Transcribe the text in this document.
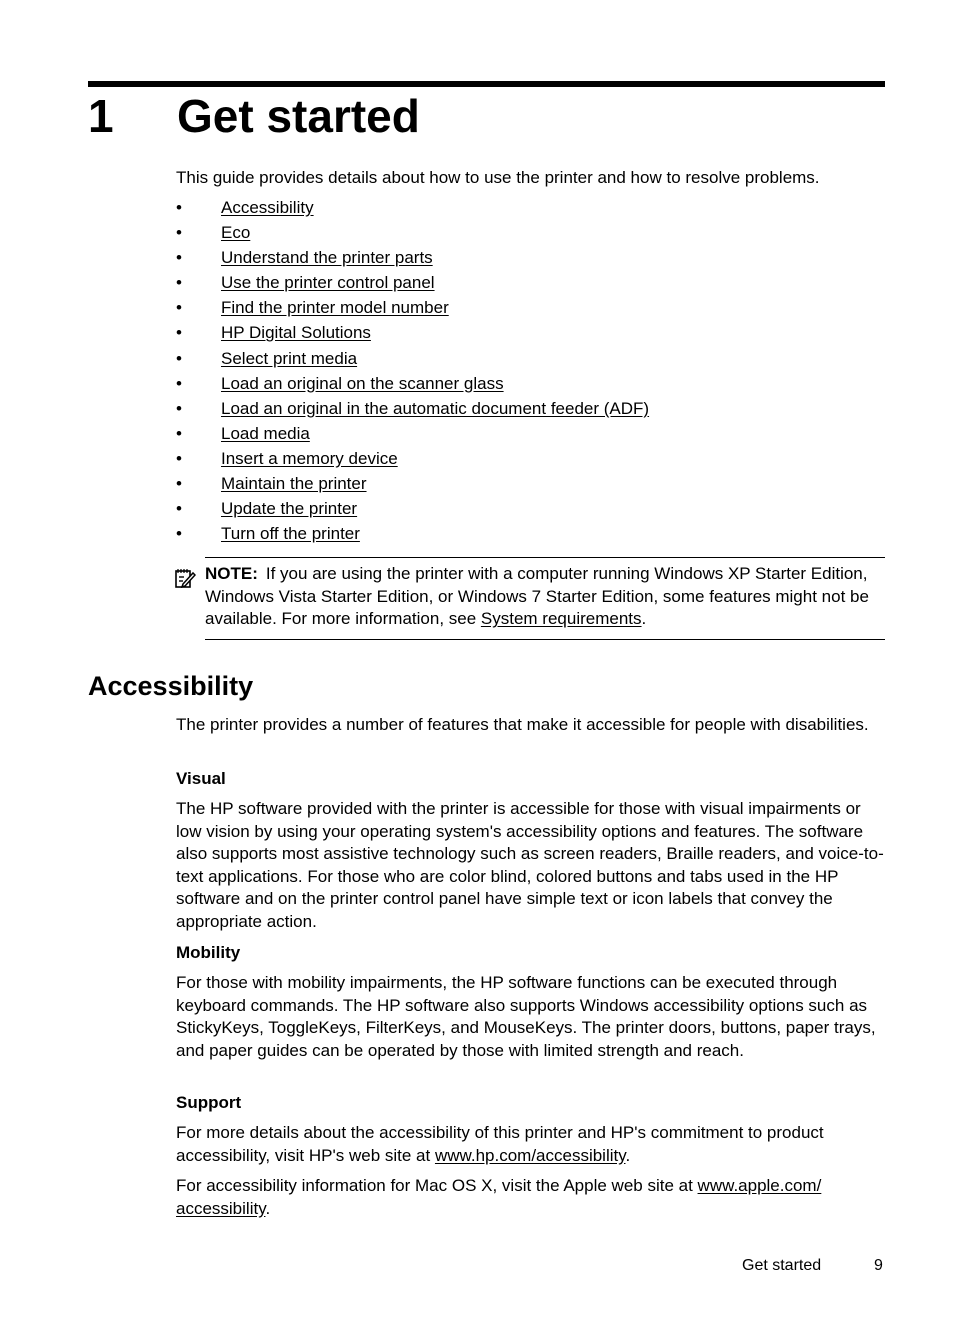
1 Get started
This guide provides details about how to use the printer and how to resolve problems.
• Accessibility
• Eco
• Understand the printer parts
• Use the printer control panel
• Find the printer model number
• HP Digital Solutions
• Select print media
• Load an original on the scanner glass
• Load an original in the automatic document feeder (ADF)
• Load media
• Insert a memory device
• Maintain the printer
• Update the printer
• Turn off the printer
NOTE: If you are using the printer with a computer running Windows XP Starter Edition, Windows Vista Starter Edition, or Windows 7 Starter Edition, some features might not be available. For more information, see System requirements.
Accessibility

The printer provides a number of features that make it accessible for people with disabilities.

Visual

The HP software provided with the printer is accessible for those with visual impairments or low vision by using your operating system's accessibility options and features. The software also supports most assistive technology such as screen readers, Braille readers, and voice-to-text applications. For those who are color blind, colored buttons and tabs used in the HP software and on the printer control panel have simple text or icon labels that convey the appropriate action.

Mobility

For those with mobility impairments, the HP software functions can be executed through keyboard commands. The HP software also supports Windows accessibility options such as StickyKeys, ToggleKeys, FilterKeys, and MouseKeys. The printer doors, buttons, paper trays, and paper guides can be operated by those with limited strength and reach.

Support

For more details about the accessibility of this printer and HP's commitment to product accessibility, visit HP's web site at www.hp.com/accessibility.

For accessibility information for Mac OS X, visit the Apple web site at www.apple.com/ accessibility.

Get started	9
